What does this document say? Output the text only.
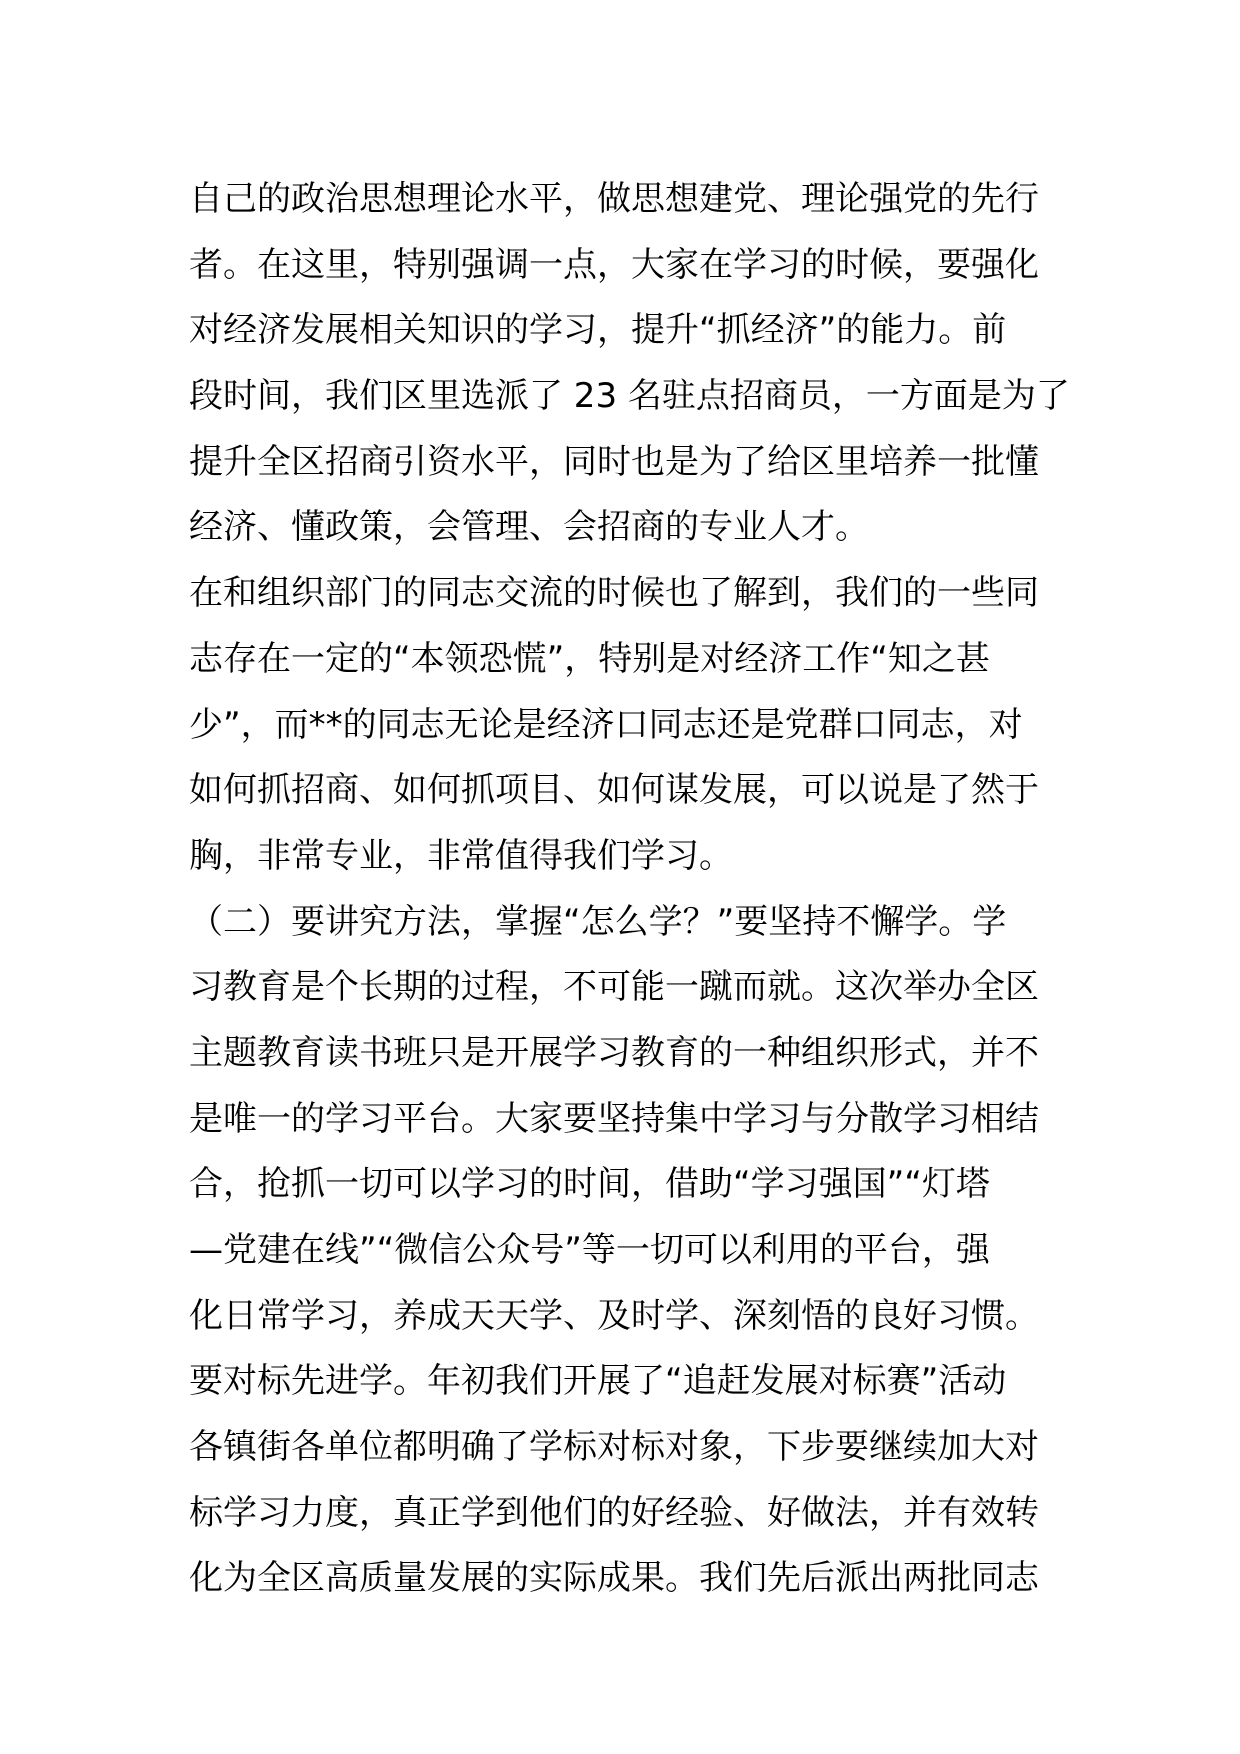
自己的政治思想理论水平，做思想建党、理论强党的先行
者。在这里，特别强调一点，大家在学习的时候，要强化
对经济发展相关知识的学习，提升“抓经济”的能力。前
段时间，我们区里选派了 23 名驻点招商员，一方面是为了
提升全区招商引资水平，同时也是为了给区里培养一批懂
经济、懂政策，会管理、会招商的专业人才。
在和组织部门的同志交流的时候也了解到，我们的一些同
志存在一定的“本领恐慌”，特别是对经济工作“知之甚
少”，而**的同志无论是经济口同志还是党群口同志，对
如何抓招商、如何抓项目、如何谋发展，可以说是了然于
胸，非常专业，非常值得我们学习。
（二）要讲究方法，掌握“怎么学？”要坚持不懈学。学
习教育是个长期的过程，不可能一蹴而就。这次举办全区
主题教育读书班只是开展学习教育的一种组织形式，并不
是唯一的学习平台。大家要坚持集中学习与分散学习相结
合，抢抓一切可以学习的时间，借助“学习强国”“灯塔
—党建在线”“微信公众号”等一切可以利用的平台，强
化日常学习，养成天天学、及时学、深刻悟的良好习惯。
要对标先进学。年初我们开展了“追赶发展对标赛”活动
各镇街各单位都明确了学标对标对象，下步要继续加大对
标学习力度，真正学到他们的好经验、好做法，并有效转
化为全区高质量发展的实际成果。我们先后派出两批同志
